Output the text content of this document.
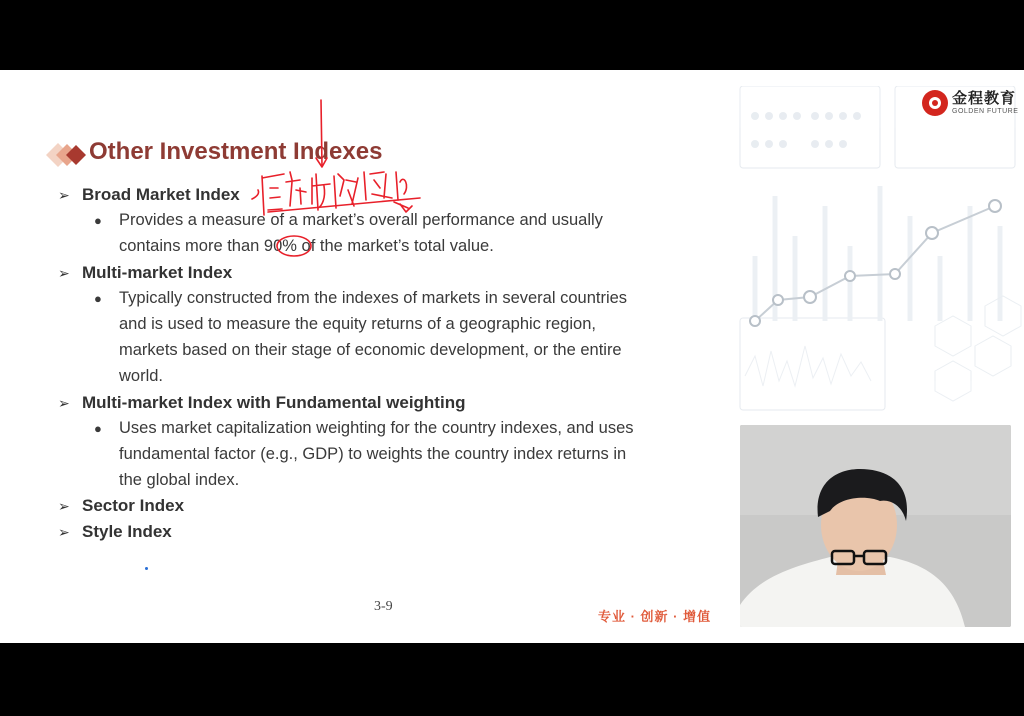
金程教育
GOLDEN FUTURE
Other Investment Indexes
➢ Broad Market Index
● Provides a measure of a market’s overall performance and usually
contains more than 90% of the market’s total value.
➢ Multi-market Index
● Typically constructed from the indexes of markets in several countries
and is used to measure the equity returns of a geographic region,
markets based on their stage of economic development, or the entire
world.
➢ Multi-market Index with Fundamental weighting
● Uses market capitalization weighting for the country indexes, and uses
fundamental factor (e.g., GDP) to weights the country index returns in
the global index.
➢ Sector Index
➢ Style Index
3-9
专业 · 创新 · 增值
